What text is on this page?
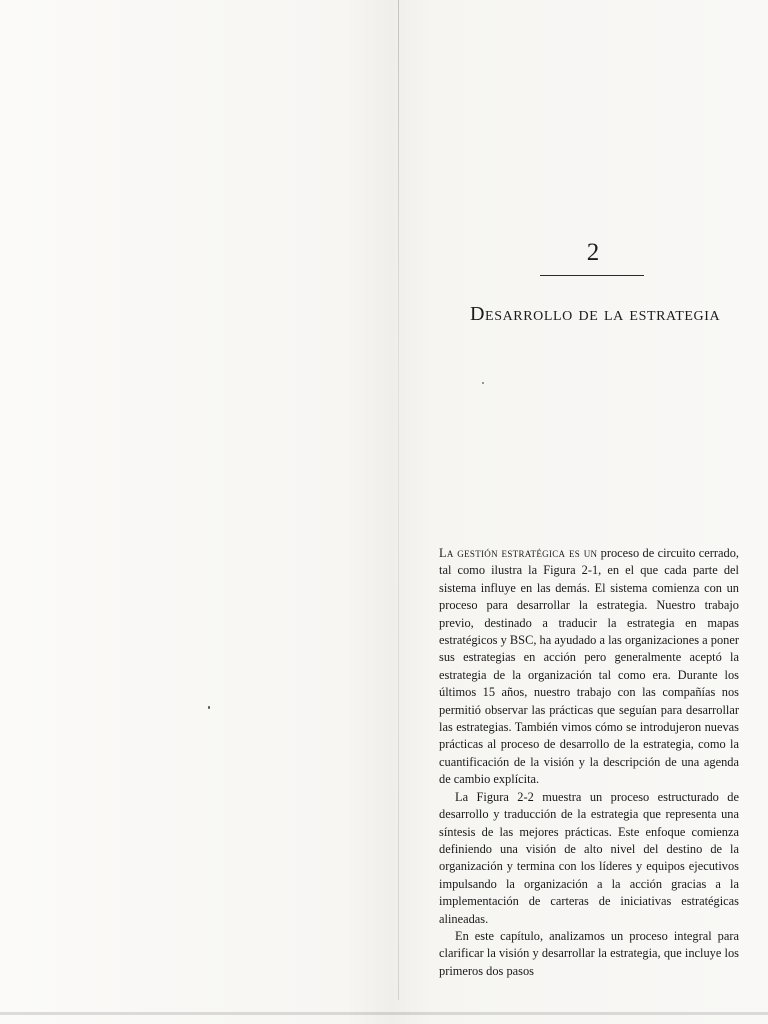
2
Desarrollo de la estrategia

La gestión estratégica es un proceso de circuito cerrado, tal como ilustra la Figura 2-1, en el que cada parte del sistema influye en las demás. El sistema comienza con un proceso para desarrollar la estrategia. Nuestro trabajo previo, destinado a traducir la estrategia en mapas estratégicos y BSC, ha ayudado a las organizaciones a poner sus estrategias en acción pero generalmente aceptó la estrategia de la organización tal como era. Durante los últimos 15 años, nuestro trabajo con las compañías nos permitió observar las prácticas que seguían para desarrollar las estrategias. También vimos cómo se introdujeron nuevas prácticas al proceso de desarrollo de la estrategia, como la cuantificación de la visión y la descripción de una agenda de cambio explícita.

La Figura 2-2 muestra un proceso estructurado de desarrollo y traducción de la estrategia que representa una síntesis de las mejores prácticas. Este enfoque comienza definiendo una visión de alto nivel del destino de la organización y termina con los líderes y equipos ejecutivos impulsando la organización a la acción gracias a la implementación de carteras de iniciativas estratégicas alineadas.

En este capítulo, analizamos un proceso integral para clarificar la visión y desarrollar la estrategia, que incluye los primeros dos pasos
